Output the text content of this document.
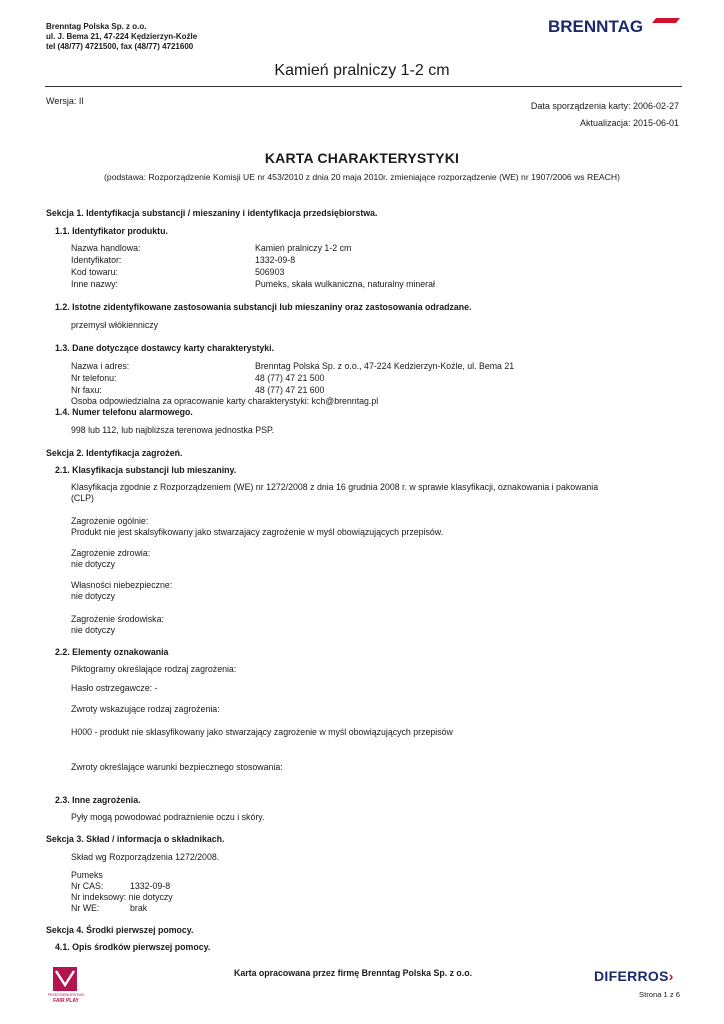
Brenntag Polska Sp. z o.o.
ul. J. Bema 21, 47-224 Kędzierzyn-Koźle
tel (48/77) 4721500, fax (48/77) 4721600
BRENNTAG
Kamień pralniczy 1-2 cm
Wersja: II	Data sporządzenia karty: 2006-02-27
Aktualizacja: 2015-06-01
KARTA CHARAKTERYSTYKI
(podstawa: Rozporządzenie Komisji UE nr 453/2010 z dnia 20 maja 2010r. zmieniające rozporządzenie (WE) nr 1907/2006 ws REACH)
Sekcja 1. Identyfikacja substancji / mieszaniny i identyfikacja przedsiębiorstwa.
1.1. Identyfikator produktu.
Nazwa handlowa:	Kamień pralniczy 1-2 cm
Identyfikator:	1332-09-8
Kod towaru:	506903
Inne nazwy:	Pumeks, skała wulkaniczna, naturalny minerał
1.2. Istotne zidentyfikowane zastosowania substancji lub mieszaniny oraz zastosowania odradzane.
przemysł włókienniczy
1.3. Dane dotyczące dostawcy karty charakterystyki.
Nazwa i adres:	Brenntag Polska Sp. z o.o., 47-224 Kedzierzyn-Koźle, ul. Bema 21
Nr telefonu:	48 (77) 47 21 500
Nr faxu:	48 (77) 47 21 600
Osoba odpowiedzialna za opracowanie karty charakterystyki: kch@brenntag.pl
1.4. Numer telefonu alarmowego.
998 lub 112, lub najbliższa terenowa jednostka PSP.
Sekcja 2. Identyfikacja zagrożeń.
2.1. Klasyfikacja substancji lub mieszaniny.
Klasyfikacja zgodnie z Rozporządzeniem (WE) nr 1272/2008 z dnia 16 grudnia 2008 r. w sprawie klasyfikacji, oznakowania i pakowania
(CLP)
Zagrożenie ogólnie:
Produkt nie jest skalsyfikowany jako stwarzajacy zagrożenie w myśl obowiązujących przepisów.
Zagrożenie zdrowia:
nie dotyczy
Własności niebezpieczne:
nie dotyczy
Zagrożenie środowiska:
nie dotyczy
2.2. Elementy oznakowania
Piktogramy określające rodzaj zagrożenia:
Hasło ostrzegawcze: -
Zwroty wskazujące rodzaj zagrożenia:
H000 - produkt nie sklasyfikowany jako stwarzający zagrożenie w myśl obowiązujących przepisów
Zwroty określające warunki bezpiecznego stosowania:
2.3. Inne zagrożenia.
Pyły mogą powodować podrażnienie oczu i skóry.
Sekcja 3. Skład / informacja o składnikach.
Skład wg Rozporządzenia 1272/2008.
Pumeks
Nr CAS:	1332-09-8
Nr indeksowy: nie dotyczy
Nr WE:	brak
Sekcja 4. Środki pierwszej pomocy.
4.1. Opis środków pierwszej pomocy.
PRZEDSIĘBIORSTWO
FAIR PLAY
Karta opracowana przez firmę Brenntag Polska Sp. z o.o.	DIFERROS›
Strona 1 z 6
